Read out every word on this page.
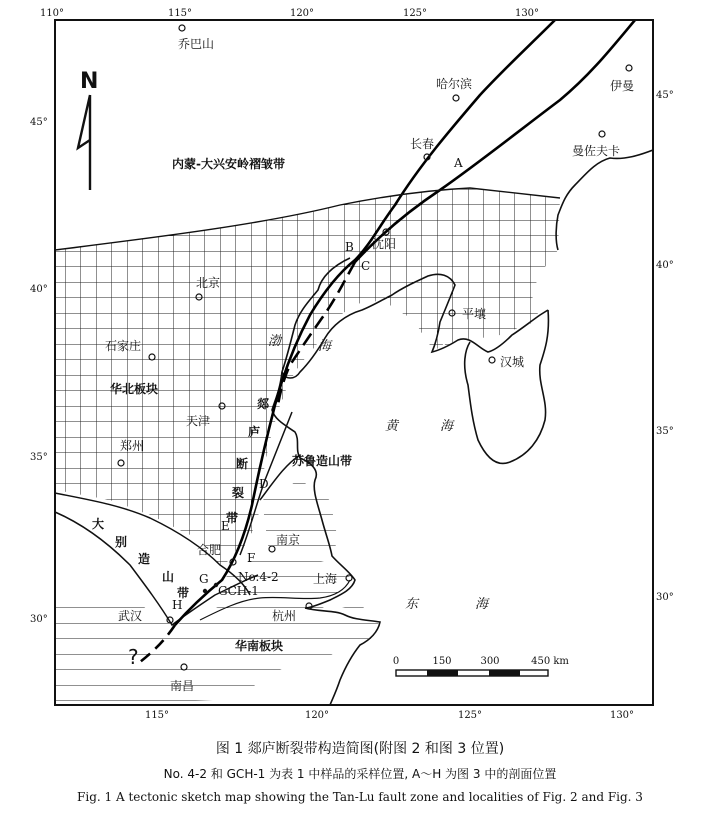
110°	115°	120°	125°	130°
115°	120°	125°	130°
45°
40°
35°
30°
45°
40°
35°
30°
N
乔巴山
哈尔滨	伊曼
长春	曼佐夫卡
沈阳
北京
平壤
石家庄
汉城
天津
郑州
合肥
南京
上海
杭州
武汉
南昌
内蒙-大兴安岭褶皱带
华北板块
苏鲁造山带
华南板块
渤	海
黄	海
东	海
郯
庐
断
裂
带
大
别
造
山
带
A
B
C
D
E
F
G
H
No.4-2
GCH-1
?	0	150	300	450 km
图 1 郯庐断裂带构造简图(附图 2 和图 3 位置)
No. 4-2 和 GCH-1 为表 1 中样品的采样位置, A～H 为图 3 中的剖面位置
Fig. 1 A tectonic sketch map showing the Tan-Lu fault zone and localities of Fig. 2 and Fig. 3
